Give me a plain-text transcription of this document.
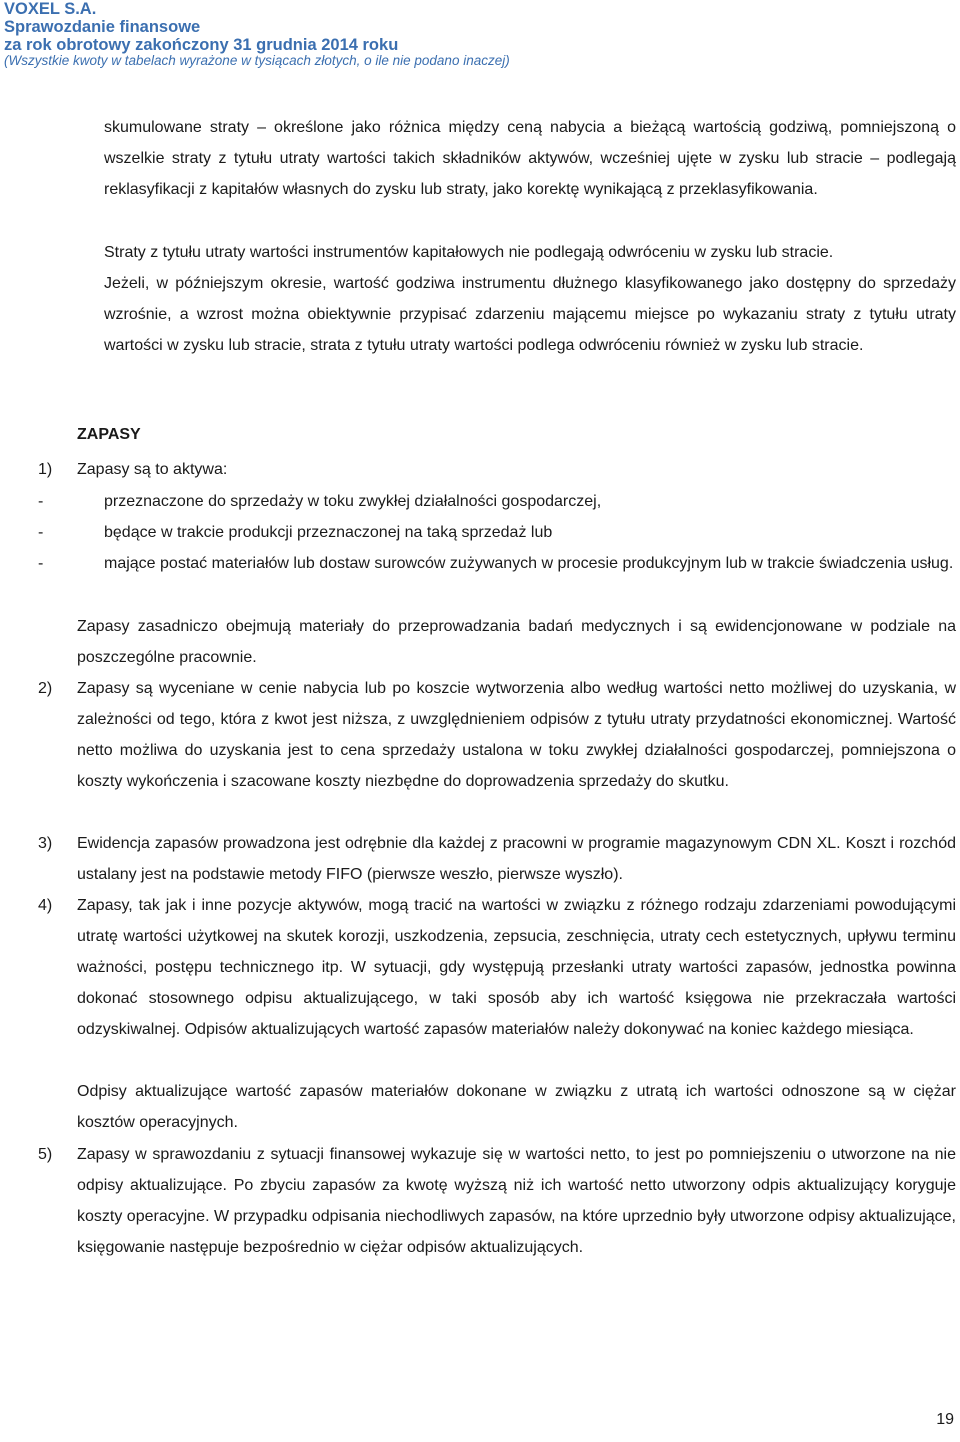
VOXEL S.A.
Sprawozdanie finansowe
za rok obrotowy zakończony 31 grudnia 2014 roku
(Wszystkie kwoty w tabelach wyrażone w tysiącach złotych, o ile nie podano inaczej)

skumulowane straty – określone jako różnica między ceną nabycia a bieżącą wartością godziwą, pomniejszoną o wszelkie straty z tytułu utraty wartości takich składników aktywów, wcześniej ujęte w zysku lub stracie – podlegają reklasyfikacji z kapitałów własnych do zysku lub straty, jako korektę wynikającą z przeklasyfikowania.

Straty z tytułu utraty wartości instrumentów kapitałowych nie podlegają odwróceniu w zysku lub stracie.

Jeżeli, w późniejszym okresie, wartość godziwa instrumentu dłużnego klasyfikowanego jako dostępny do sprzedaży wzrośnie, a wzrost można obiektywnie przypisać zdarzeniu mającemu miejsce po wykazaniu straty z tytułu utraty wartości w zysku lub stracie, strata z tytułu utraty wartości podlega odwróceniu również w zysku lub stracie.

ZAPASY
1) Zapasy są to aktywa:

-	przeznaczone do sprzedaży w toku zwykłej działalności gospodarczej,

-	będące w trakcie produkcji przeznaczonej na taką sprzedaż lub

-	mające postać materiałów lub dostaw surowców zużywanych w procesie produkcyjnym lub w trakcie świadczenia usług.

Zapasy zasadniczo obejmują materiały do przeprowadzania badań medycznych i są ewidencjonowane w podziale na poszczególne pracownie.

2) Zapasy są wyceniane w cenie nabycia lub po koszcie wytworzenia albo według wartości netto możliwej do uzyskania, w zależności od tego, która z kwot jest niższa, z uwzględnieniem odpisów z tytułu utraty przydatności ekonomicznej. Wartość netto możliwa do uzyskania jest to cena sprzedaży ustalona w toku zwykłej działalności gospodarczej, pomniejszona o koszty wykończenia i szacowane koszty niezbędne do doprowadzenia sprzedaży do skutku.

3) Ewidencja zapasów prowadzona jest odrębnie dla każdej z pracowni w programie magazynowym CDN XL. Koszt i rozchód ustalany jest na podstawie metody FIFO (pierwsze weszło, pierwsze wyszło).

4) Zapasy, tak jak i inne pozycje aktywów, mogą tracić na wartości w związku z różnego rodzaju zdarzeniami powodującymi utratę wartości użytkowej na skutek korozji, uszkodzenia, zepsucia, zeschnięcia, utraty cech estetycznych, upływu terminu ważności, postępu technicznego itp. W sytuacji, gdy występują przesłanki utraty wartości zapasów, jednostka powinna dokonać stosownego odpisu aktualizującego, w taki sposób aby ich wartość księgowa nie przekraczała wartości odzyskiwalnej. Odpisów aktualizujących wartość zapasów materiałów należy dokonywać na koniec każdego miesiąca.

Odpisy aktualizujące wartość zapasów materiałów dokonane w związku z utratą ich wartości odnoszone są w ciężar kosztów operacyjnych.

5) Zapasy w sprawozdaniu z sytuacji finansowej wykazuje się w wartości netto, to jest po pomniejszeniu o utworzone na nie odpisy aktualizujące. Po zbyciu zapasów za kwotę wyższą niż ich wartość netto utworzony odpis aktualizujący koryguje koszty operacyjne. W przypadku odpisania niechodliwych zapasów, na które uprzednio były utworzone odpisy aktualizujące, księgowanie następuje bezpośrednio w ciężar odpisów aktualizujących.

19
